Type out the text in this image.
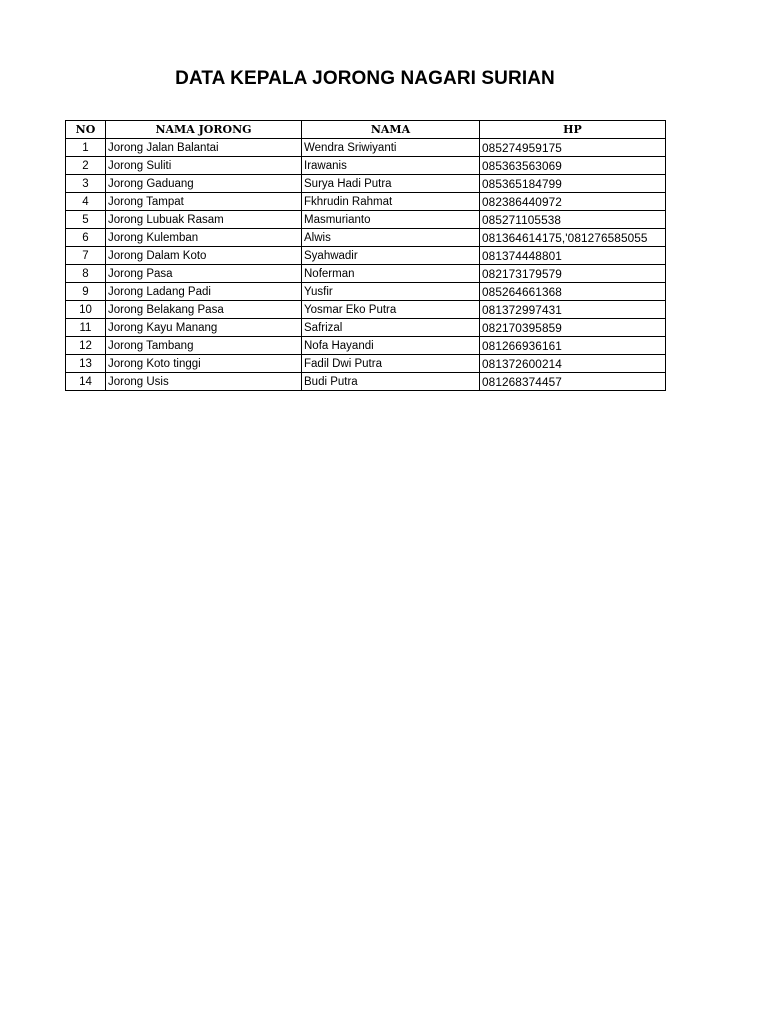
DATA KEPALA JORONG NAGARI SURIAN
NO	NAMA JORONG	NAMA	HP
1	Jorong Jalan Balantai	Wendra Sriwiyanti	085274959175
2	Jorong Suliti	Irawanis	085363563069
3	Jorong Gaduang	Surya Hadi Putra	085365184799
4	Jorong Tampat	Fkhrudin Rahmat	082386440972
5	Jorong Lubuak Rasam	Masmurianto	085271105538
6	Jorong Kulemban	Alwis	081364614175,'081276585055
7	Jorong Dalam Koto	Syahwadir	081374448801
8	Jorong Pasa	Noferman	082173179579
9	Jorong Ladang Padi	Yusfir	085264661368
10	Jorong Belakang Pasa	Yosmar Eko Putra	081372997431
11	Jorong Kayu Manang	Safrizal	082170395859
12	Jorong Tambang	Nofa Hayandi	081266936161
13	Jorong Koto tinggi	Fadil Dwi Putra	081372600214
14	Jorong Usis	Budi Putra	081268374457
